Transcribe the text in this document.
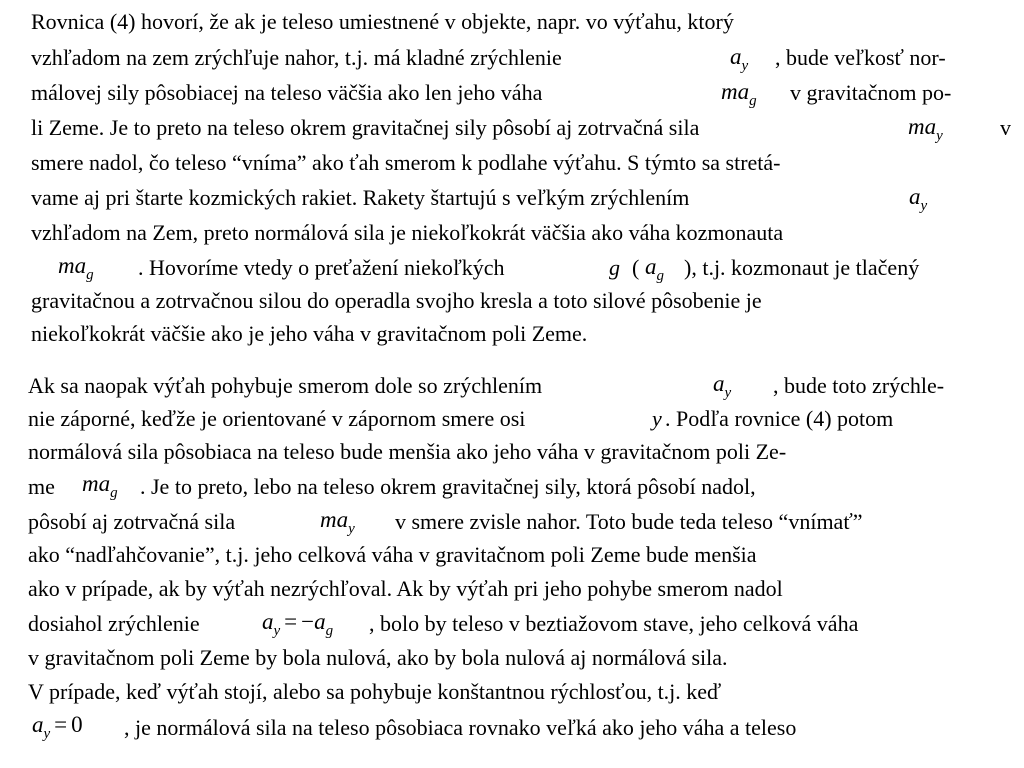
Rovnica (4) hovorí, že ak je teleso umiestnené v objekte, napr. vo výťahu, ktorý
vzhľadom na zem zrýchľuje nahor, t.j. má kladné zrýchlenie	$a_y$ , bude veľkosť nor-
málovej sily pôsobiacej na teleso väčšia ako len jeho váha	$ma_g$ v gravitačnom po-
li Zeme. Je to preto na teleso okrem gravitačnej sily pôsobí aj zotrvačná sila	$ma_y$	v
smere nadol, čo teleso “vníma” ako ťah smerom k podlahe výťahu. S týmto sa stretá-
vame aj pri štarte kozmických rakiet. Rakety štartujú s veľkým zrýchlením	$a_y$
vzhľadom na Zem, preto normálová sila je niekoľkokrát väčšia ako váha kozmonauta
$ma_g$ . Hovoríme vtedy o preťažení niekoľkých	g ( $a_g$ ), t.j. kozmonaut je tlačený
gravitačnou a zotrvačnou silou do operadla svojho kresla a toto silové pôsobenie je
niekoľkokrát väčšie ako je jeho váha v gravitačnom poli Zeme.
Ak sa naopak výťah pohybuje smerom dole so zrýchlením	$a_y$ , bude toto zrýchle-
nie záporné, keďže je orientované v zápornom smere osi	y . Podľa rovnice (4) potom
normálová sila pôsobiaca na teleso bude menšia ako jeho váha v gravitačnom poli Ze-
me $ma_g$ . Je to preto, lebo na teleso okrem gravitačnej sily, ktorá pôsobí nadol,
pôsobí aj zotrvačná sila	$ma_y$ v smere zvisle nahor. Toto bude teda teleso “vnímať”
ako “nadľahčovanie”, t.j. jeho celková váha v gravitačnom poli Zeme bude menšia
ako v prípade, ak by výťah nezrýchľoval. Ak by výťah pri jeho pohybe smerom nadol
dosiahol zrýchlenie	$a_y = -a_g$ , bolo by teleso v beztiažovom stave, jeho celková váha
v gravitačnom poli Zeme by bola nulová, ako by bola nulová aj normálová sila.
V prípade, keď výťah stojí, alebo sa pohybuje konštantnou rýchlosťou, t.j. keď
$a_y = 0$ , je normálová sila na teleso pôsobiaca rovnako veľká ako jeho váha a teleso
